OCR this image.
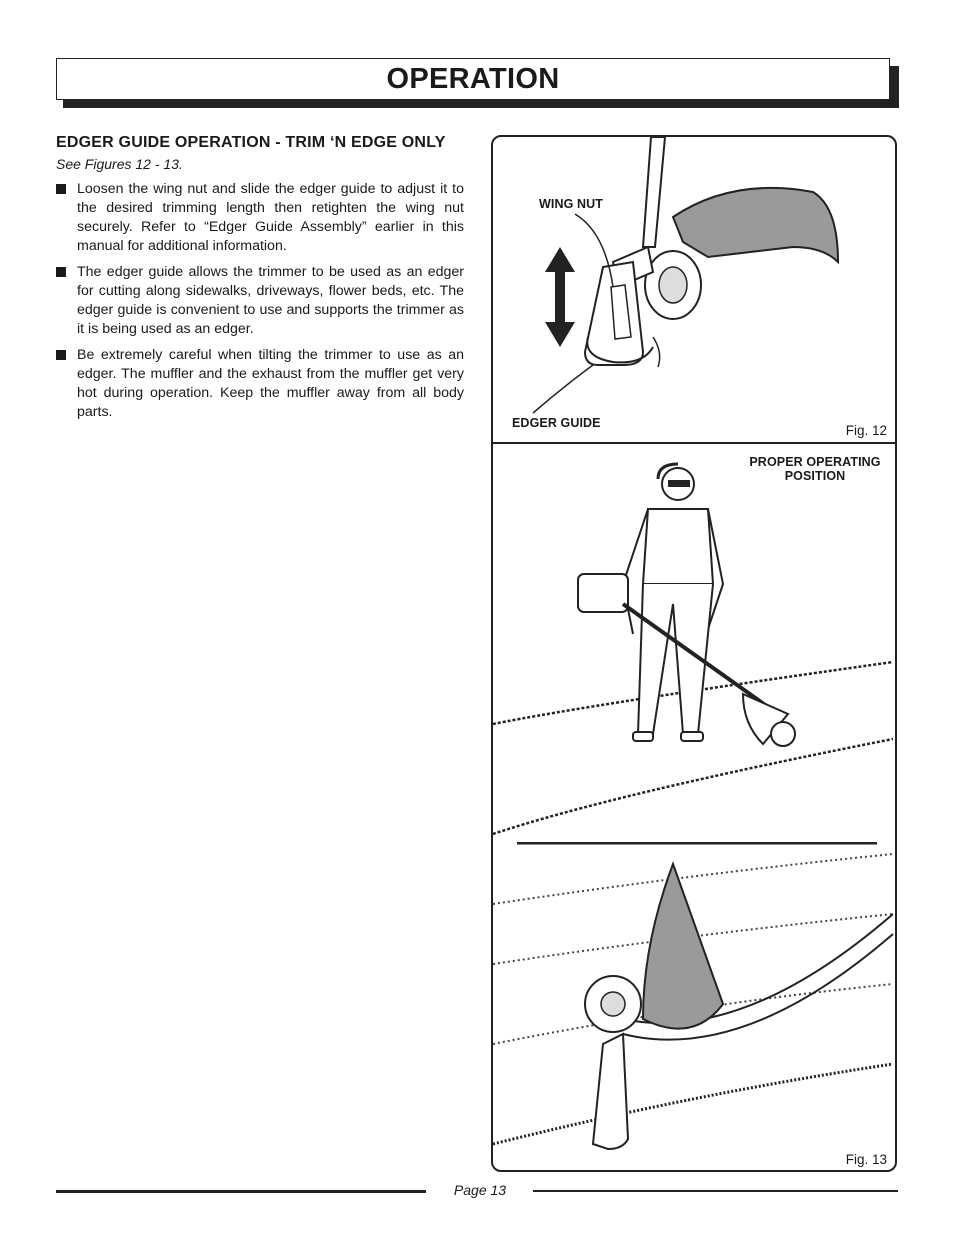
OPERATION
EDGER GUIDE OPERATION - TRIM ‘N EDGE ONLY
See Figures 12 - 13.
Loosen the wing nut and slide the edger guide to adjust it to the desired trimming length then retighten the wing nut securely. Refer to “Edger Guide Assembly” earlier in this manual for additional information.
The edger guide allows the trimmer to be used as an edger for cutting along sidewalks, driveways, flower beds, etc. The edger guide is convenient to use and supports the trimmer as it is being used as an edger.
Be extremely careful when tilting the trimmer to use as an edger. The muffler and the exhaust from the muffler get very hot during operation. Keep the muffler away from all body parts.
WING NUT
EDGER GUIDE	Fig. 12
PROPER OPERATING POSITION
Fig. 13
Page 13
